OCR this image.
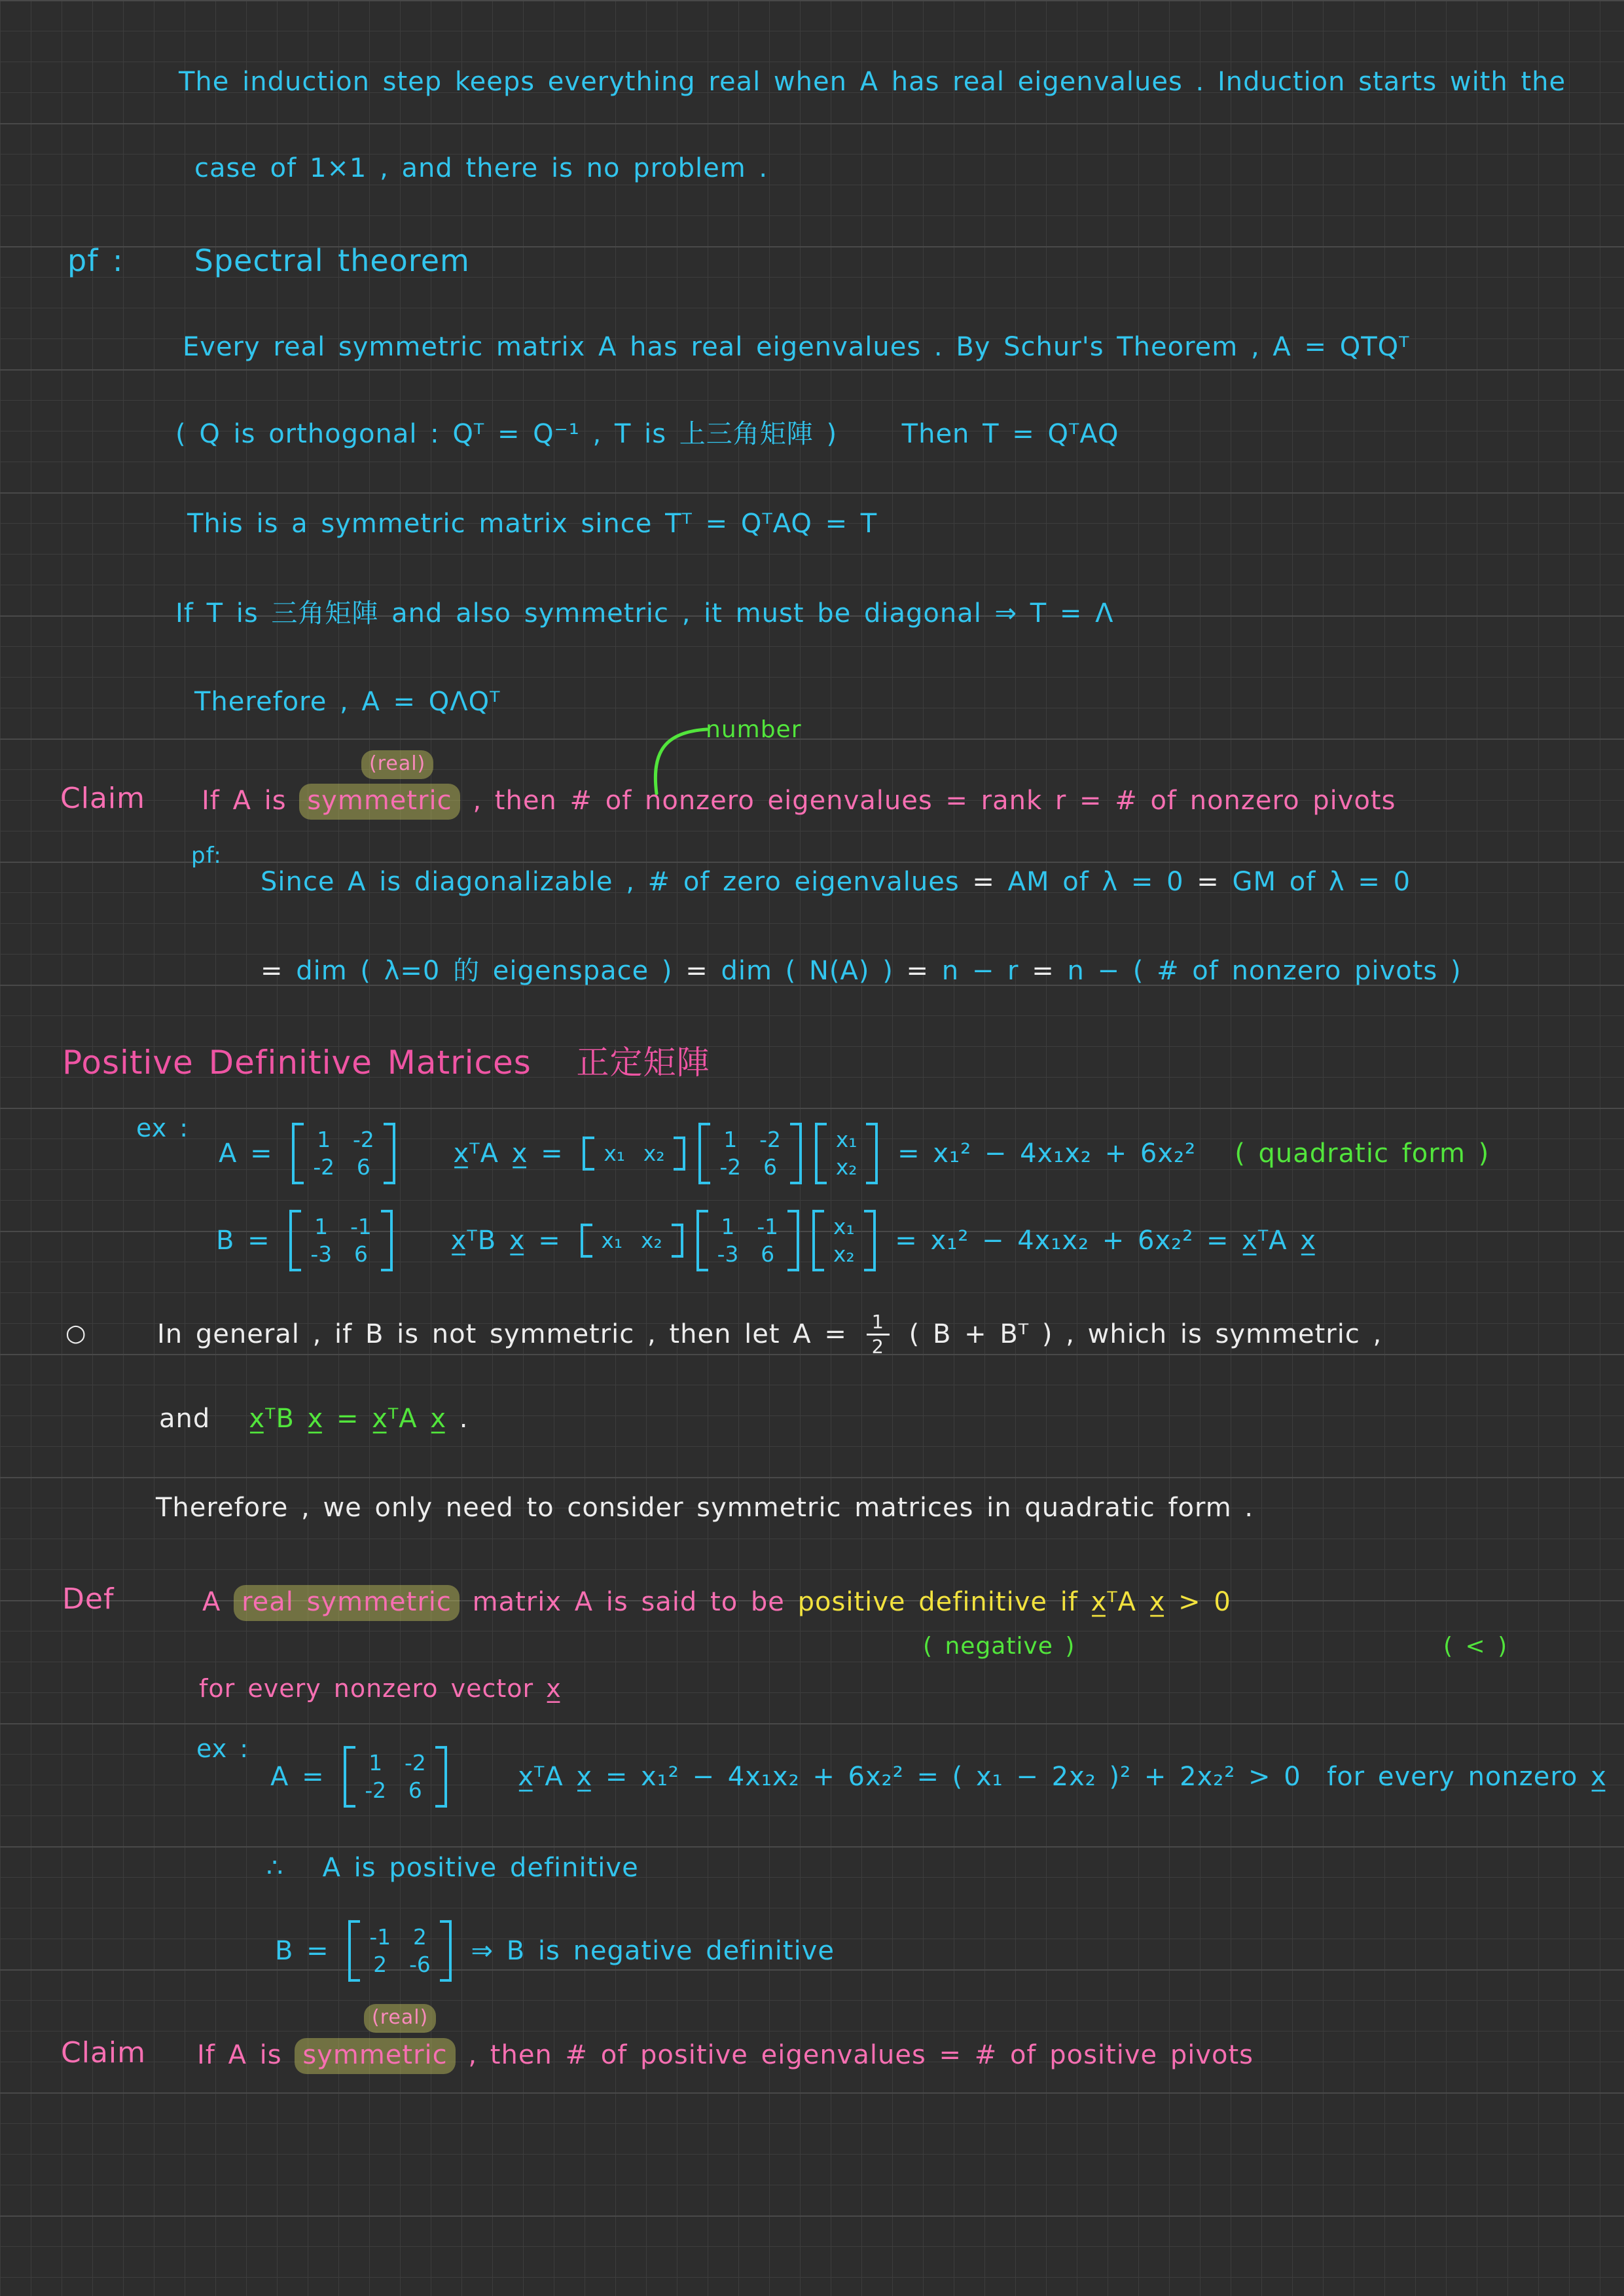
The induction step keeps everything real when A has real eigenvalues . Induction starts with the
case of 1×1 , and there is no problem .
pf :     Spectral theorem
Every real symmetric matrix A has real eigenvalues . By Schur's Theorem , A = QTQᵀ
( Q is orthogonal : Qᵀ = Q⁻¹ , T is 上三角矩陣 )     Then T = QᵀAQ
This is a symmetric matrix since Tᵀ = QᵀAQ = T
If T is 三角矩陣 and also symmetric , it must be diagonal ⇒ T = Λ
Therefore , A = QΛQᵀ
number
(real)
Claim If A is symmetric , then # of nonzero eigenvalues = rank r = # of nonzero pivots
pf:
Since A is diagonalizable , # of zero eigenvalues = AM of λ = 0 = GM of λ = 0
= dim ( λ=0 的 eigenspace ) = dim ( N(A) ) = n − r = n − ( # of nonzero pivots )
Positive Definitive Matrices   正定矩陣
ex :
A = 1 -2
-2 6 x̲ᵀA x̲ = x₁ x₂
1 -2
-2 6
x₁
x₂ = x₁² − 4x₁x₂ + 6x₂² ( quadratic form )
B = 1 -1
-3 6 x̲ᵀB x̲ = x₁ x₂
1 -1
-3 6
x₁
x₂ = x₁² − 4x₁x₂ + 6x₂² = x̲ᵀA x̲
○	In general , if B is not symmetric , then let $A = \frac{1}{2}$ ( B + Bᵀ ) , which is symmetric ,
and   x̲ᵀB x̲ = x̲ᵀA x̲ .
Therefore , we only need to consider symmetric matrices in quadratic form .
Def	A real symmetric matrix A is said to be positive definitive if x̲ᵀA x̲ > 0
( negative )	( < )
for every nonzero vector x̲
ex :
A = 1 -2
-2 6 x̲ᵀA x̲ = x₁² − 4x₁x₂ + 6x₂² = ( x₁ − 2x₂ )² + 2x₂² > 0  for every nonzero x̲
∴   A is positive definitive
B = -1 2
2 -6 ⇒ B is negative definitive
(real)
Claim If A is symmetric , then # of positive eigenvalues = # of positive pivots
